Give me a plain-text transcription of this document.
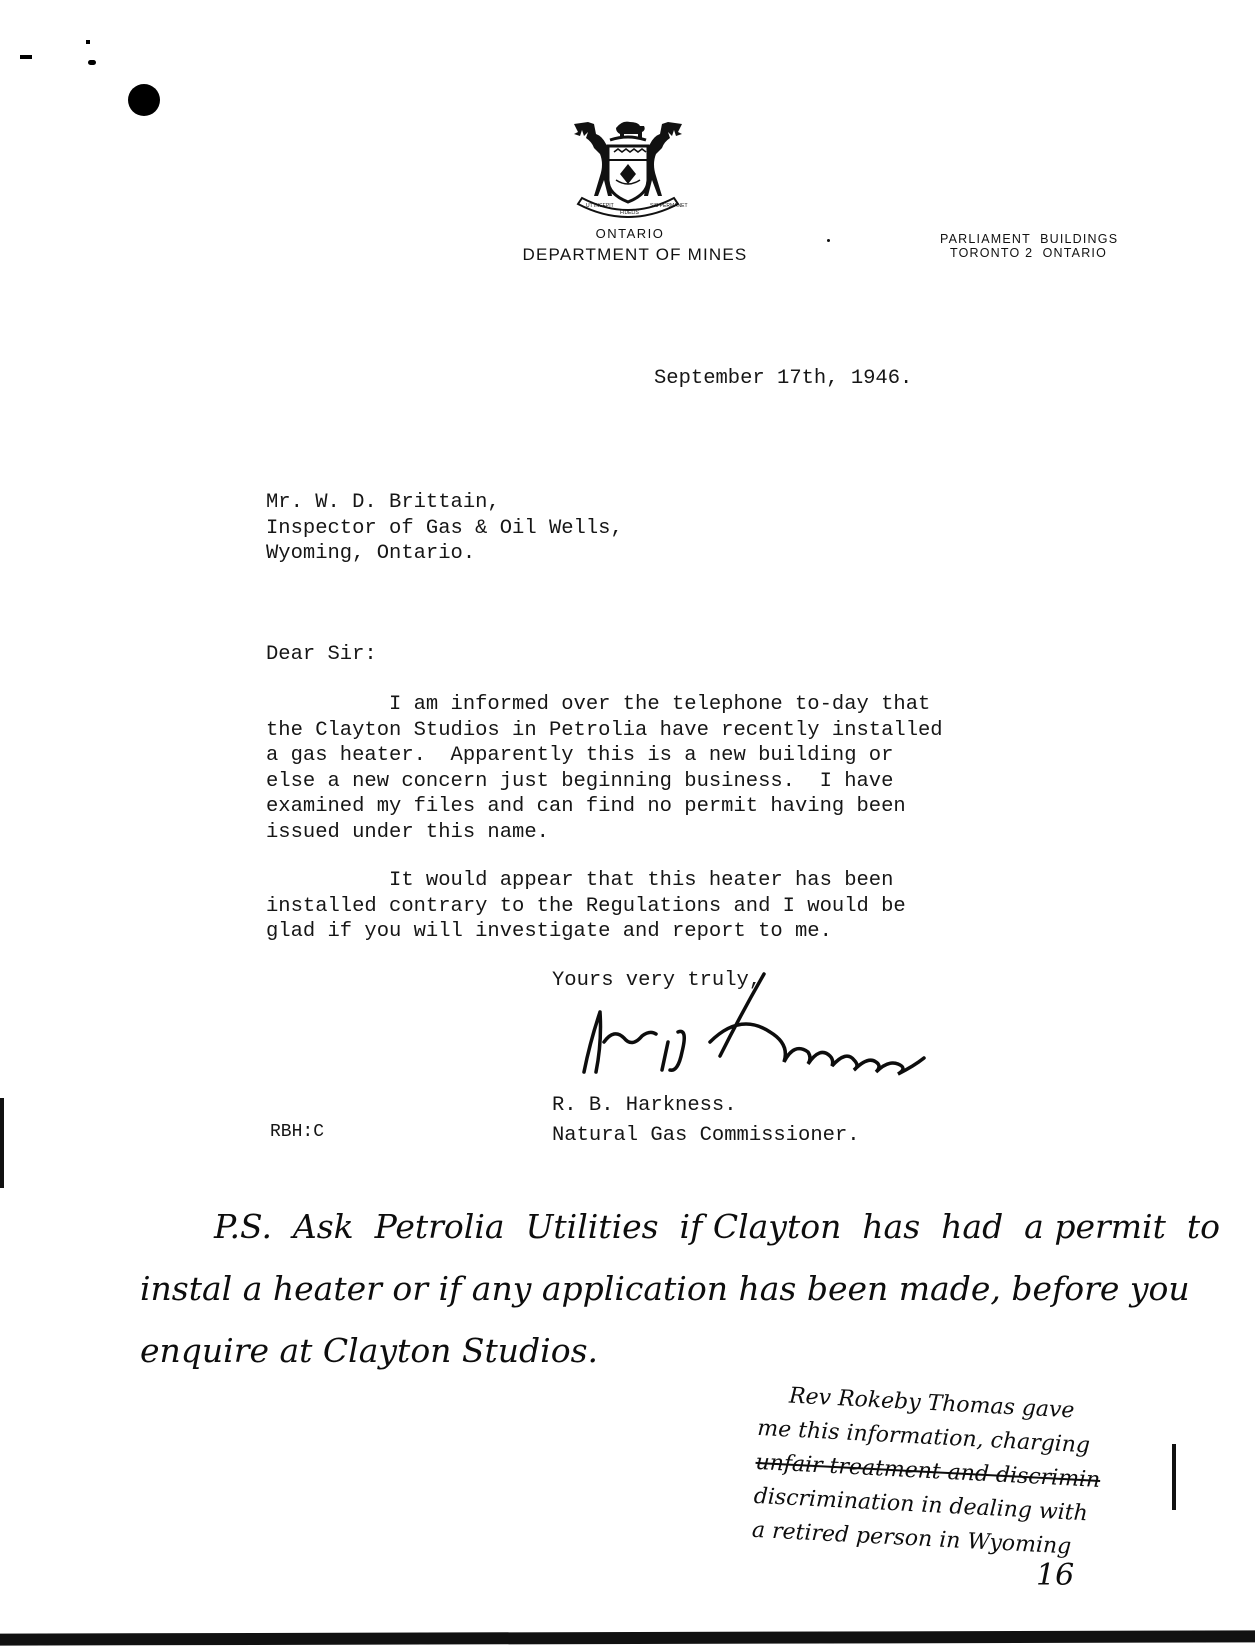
UT INCEPIT
FIDELIS
SIC PERMANET
ONTARIO
DEPARTMENT OF MINES
PARLIAMENT  BUILDINGS
TORONTO 2  ONTARIO
September 17th, 1946.
Mr. W. D. Brittain,
Inspector of Gas & Oil Wells,
Wyoming, Ontario.
Dear Sir:
I am informed over the telephone to-day that
the Clayton Studios in Petrolia have recently installed
a gas heater.  Apparently this is a new building or
else a new concern just beginning business.  I have
examined my files and can find no permit having been
issued under this name.
It would appear that this heater has been
installed contrary to the Regulations and I would be
glad if you will investigate and report to me.
Yours very truly,
R. B. Harkness.
Natural Gas Commissioner.
RBH:C
P.S.  Ask  Petrolia  Utilities  if Clayton  has  had  a permit  to
instal a heater or if any application has been made, before you
enquire at Clayton Studios.
Rev Rokeby Thomas gave
me this information, charging
unfair treatment and discrimin
discrimination in dealing with
a retired person in Wyoming
16
